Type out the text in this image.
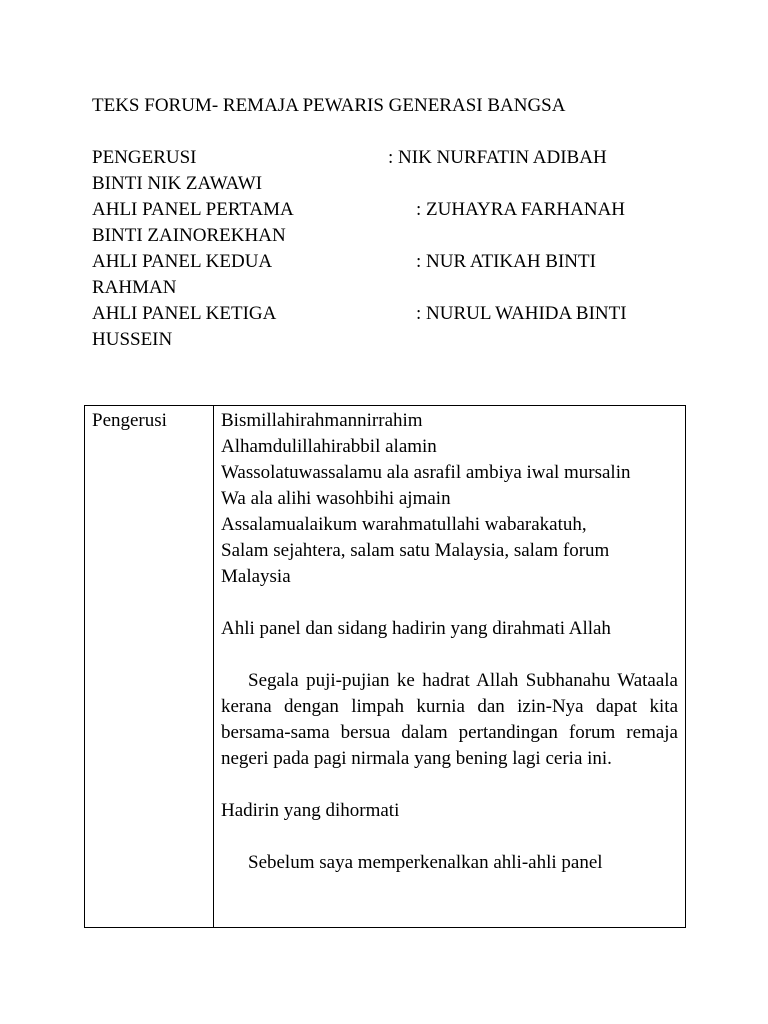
TEKS FORUM- REMAJA PEWARIS GENERASI BANGSA
PENGERUSI	: NIK NURFATIN ADIBAH
BINTI NIK ZAWAWI
AHLI PANEL PERTAMA	: ZUHAYRA FARHANAH
BINTI ZAINOREKHAN
AHLI PANEL KEDUA	: NUR ATIKAH BINTI
RAHMAN
AHLI PANEL KETIGA	: NURUL WAHIDA BINTI
HUSSEIN
Pengerusi	Bismillahirahmannirrahim

Alhamdulillahirabbil alamin

Wassolatuwassalamu ala asrafil ambiya iwal mursalin

Wa ala alihi wasohbihi ajmain

Assalamualaikum warahmatullahi wabarakatuh,

Salam sejahtera, salam satu Malaysia, salam forum Malaysia

Ahli panel dan sidang hadirin yang dirahmati Allah

Segala puji-pujian ke hadrat Allah Subhanahu Wataala kerana dengan limpah kurnia dan izin-Nya dapat kita bersama-sama bersua dalam pertandingan forum remaja negeri pada pagi nirmala yang bening lagi ceria ini.

Hadirin yang dihormati

Sebelum saya memperkenalkan ahli-ahli panel
